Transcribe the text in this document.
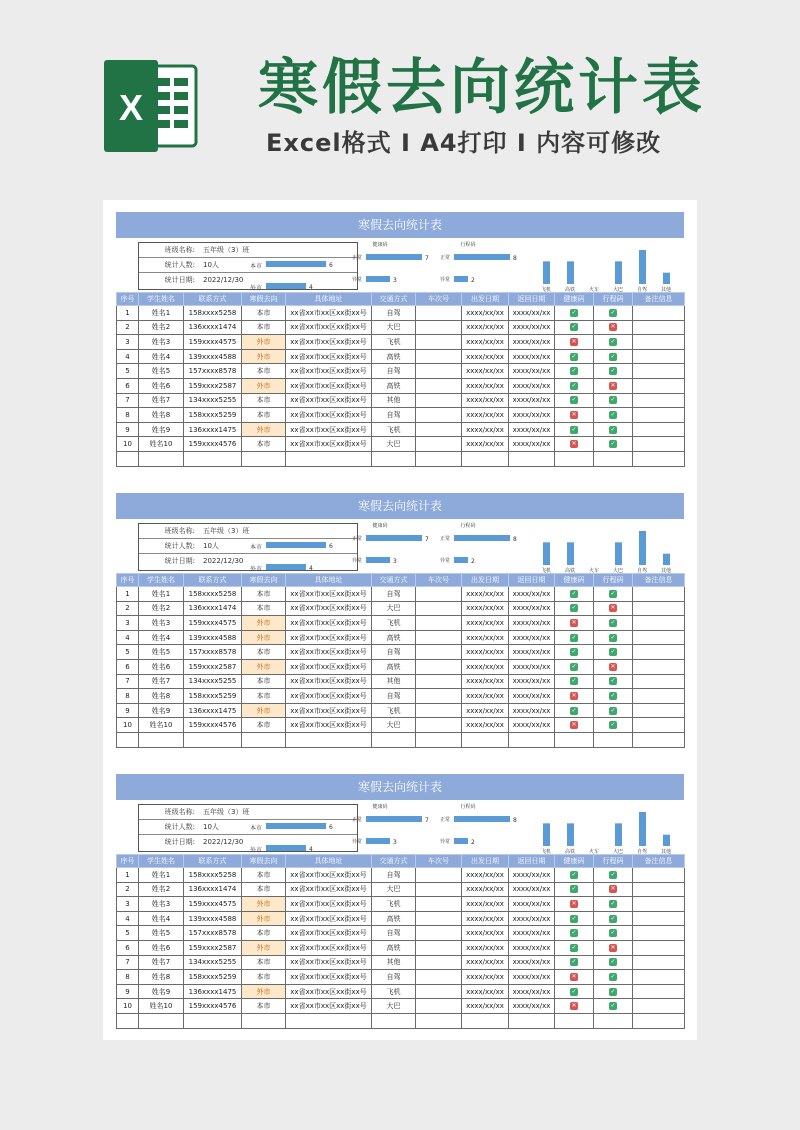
X 寒假去向统计表
Excel格式 I A4打印 I 内容可修改
寒假去向统计表
班级名称: 五年级（3）班
统计人数: 10人
统计日期: 2022/12/30
本市	6
外市	4
健康码
正常	7
异常	3
行程码
正常	8
异常	2
飞机	高铁	火车	大巴	自驾	其他
序号	学生姓名	联系方式	寒假去向	具体地址	交通方式	车次号	出发日期	返回日期	健康码	行程码	备注信息
1	姓名1	158xxxx5258	本市	xx省xx市xx区xx街xx号	自驾		xxxx/xx/xx	xxxx/xx/xx	✓	✓	
2	姓名2	136xxxx1474	本市	xx省xx市xx区xx街xx号	大巴		xxxx/xx/xx	xxxx/xx/xx	✓	✕	
3	姓名3	159xxxx4575	外市	xx省xx市xx区xx街xx号	飞机		xxxx/xx/xx	xxxx/xx/xx	✕	✓	
4	姓名4	139xxxx4588	外市	xx省xx市xx区xx街xx号	高铁		xxxx/xx/xx	xxxx/xx/xx	✓	✓	
5	姓名5	157xxxx8578	本市	xx省xx市xx区xx街xx号	自驾		xxxx/xx/xx	xxxx/xx/xx	✓	✓	
6	姓名6	159xxxx2587	外市	xx省xx市xx区xx街xx号	高铁		xxxx/xx/xx	xxxx/xx/xx	✓	✕	
7	姓名7	134xxxx5255	本市	xx省xx市xx区xx街xx号	其他		xxxx/xx/xx	xxxx/xx/xx	✓	✓	
8	姓名8	158xxxx5259	本市	xx省xx市xx区xx街xx号	自驾		xxxx/xx/xx	xxxx/xx/xx	✕	✓	
9	姓名9	136xxxx1475	外市	xx省xx市xx区xx街xx号	飞机		xxxx/xx/xx	xxxx/xx/xx	✓	✓	
10	姓名10	159xxxx4576	本市	xx省xx市xx区xx街xx号	大巴		xxxx/xx/xx	xxxx/xx/xx	✕	✓	

寒假去向统计表
班级名称: 五年级（3）班
统计人数: 10人
统计日期: 2022/12/30
本市	6
外市	4
健康码
正常	7
异常	3
行程码
正常	8
异常	2
飞机	高铁	火车	大巴	自驾	其他
序号	学生姓名	联系方式	寒假去向	具体地址	交通方式	车次号	出发日期	返回日期	健康码	行程码	备注信息
1	姓名1	158xxxx5258	本市	xx省xx市xx区xx街xx号	自驾		xxxx/xx/xx	xxxx/xx/xx	✓	✓	
2	姓名2	136xxxx1474	本市	xx省xx市xx区xx街xx号	大巴		xxxx/xx/xx	xxxx/xx/xx	✓	✕	
3	姓名3	159xxxx4575	外市	xx省xx市xx区xx街xx号	飞机		xxxx/xx/xx	xxxx/xx/xx	✕	✓	
4	姓名4	139xxxx4588	外市	xx省xx市xx区xx街xx号	高铁		xxxx/xx/xx	xxxx/xx/xx	✓	✓	
5	姓名5	157xxxx8578	本市	xx省xx市xx区xx街xx号	自驾		xxxx/xx/xx	xxxx/xx/xx	✓	✓	
6	姓名6	159xxxx2587	外市	xx省xx市xx区xx街xx号	高铁		xxxx/xx/xx	xxxx/xx/xx	✓	✕	
7	姓名7	134xxxx5255	本市	xx省xx市xx区xx街xx号	其他		xxxx/xx/xx	xxxx/xx/xx	✓	✓	
8	姓名8	158xxxx5259	本市	xx省xx市xx区xx街xx号	自驾		xxxx/xx/xx	xxxx/xx/xx	✕	✓	
9	姓名9	136xxxx1475	外市	xx省xx市xx区xx街xx号	飞机		xxxx/xx/xx	xxxx/xx/xx	✓	✓	
10	姓名10	159xxxx4576	本市	xx省xx市xx区xx街xx号	大巴		xxxx/xx/xx	xxxx/xx/xx	✕	✓	

寒假去向统计表
班级名称: 五年级（3）班
统计人数: 10人
统计日期: 2022/12/30
本市	6
外市	4
健康码
正常	7
异常	3
行程码
正常	8
异常	2
飞机	高铁	火车	大巴	自驾	其他
序号	学生姓名	联系方式	寒假去向	具体地址	交通方式	车次号	出发日期	返回日期	健康码	行程码	备注信息
1	姓名1	158xxxx5258	本市	xx省xx市xx区xx街xx号	自驾		xxxx/xx/xx	xxxx/xx/xx	✓	✓	
2	姓名2	136xxxx1474	本市	xx省xx市xx区xx街xx号	大巴		xxxx/xx/xx	xxxx/xx/xx	✓	✕	
3	姓名3	159xxxx4575	外市	xx省xx市xx区xx街xx号	飞机		xxxx/xx/xx	xxxx/xx/xx	✕	✓	
4	姓名4	139xxxx4588	外市	xx省xx市xx区xx街xx号	高铁		xxxx/xx/xx	xxxx/xx/xx	✓	✓	
5	姓名5	157xxxx8578	本市	xx省xx市xx区xx街xx号	自驾		xxxx/xx/xx	xxxx/xx/xx	✓	✓	
6	姓名6	159xxxx2587	外市	xx省xx市xx区xx街xx号	高铁		xxxx/xx/xx	xxxx/xx/xx	✓	✕	
7	姓名7	134xxxx5255	本市	xx省xx市xx区xx街xx号	其他		xxxx/xx/xx	xxxx/xx/xx	✓	✓	
8	姓名8	158xxxx5259	本市	xx省xx市xx区xx街xx号	自驾		xxxx/xx/xx	xxxx/xx/xx	✕	✓	
9	姓名9	136xxxx1475	外市	xx省xx市xx区xx街xx号	飞机		xxxx/xx/xx	xxxx/xx/xx	✓	✓	
10	姓名10	159xxxx4576	本市	xx省xx市xx区xx街xx号	大巴		xxxx/xx/xx	xxxx/xx/xx	✕	✓	
